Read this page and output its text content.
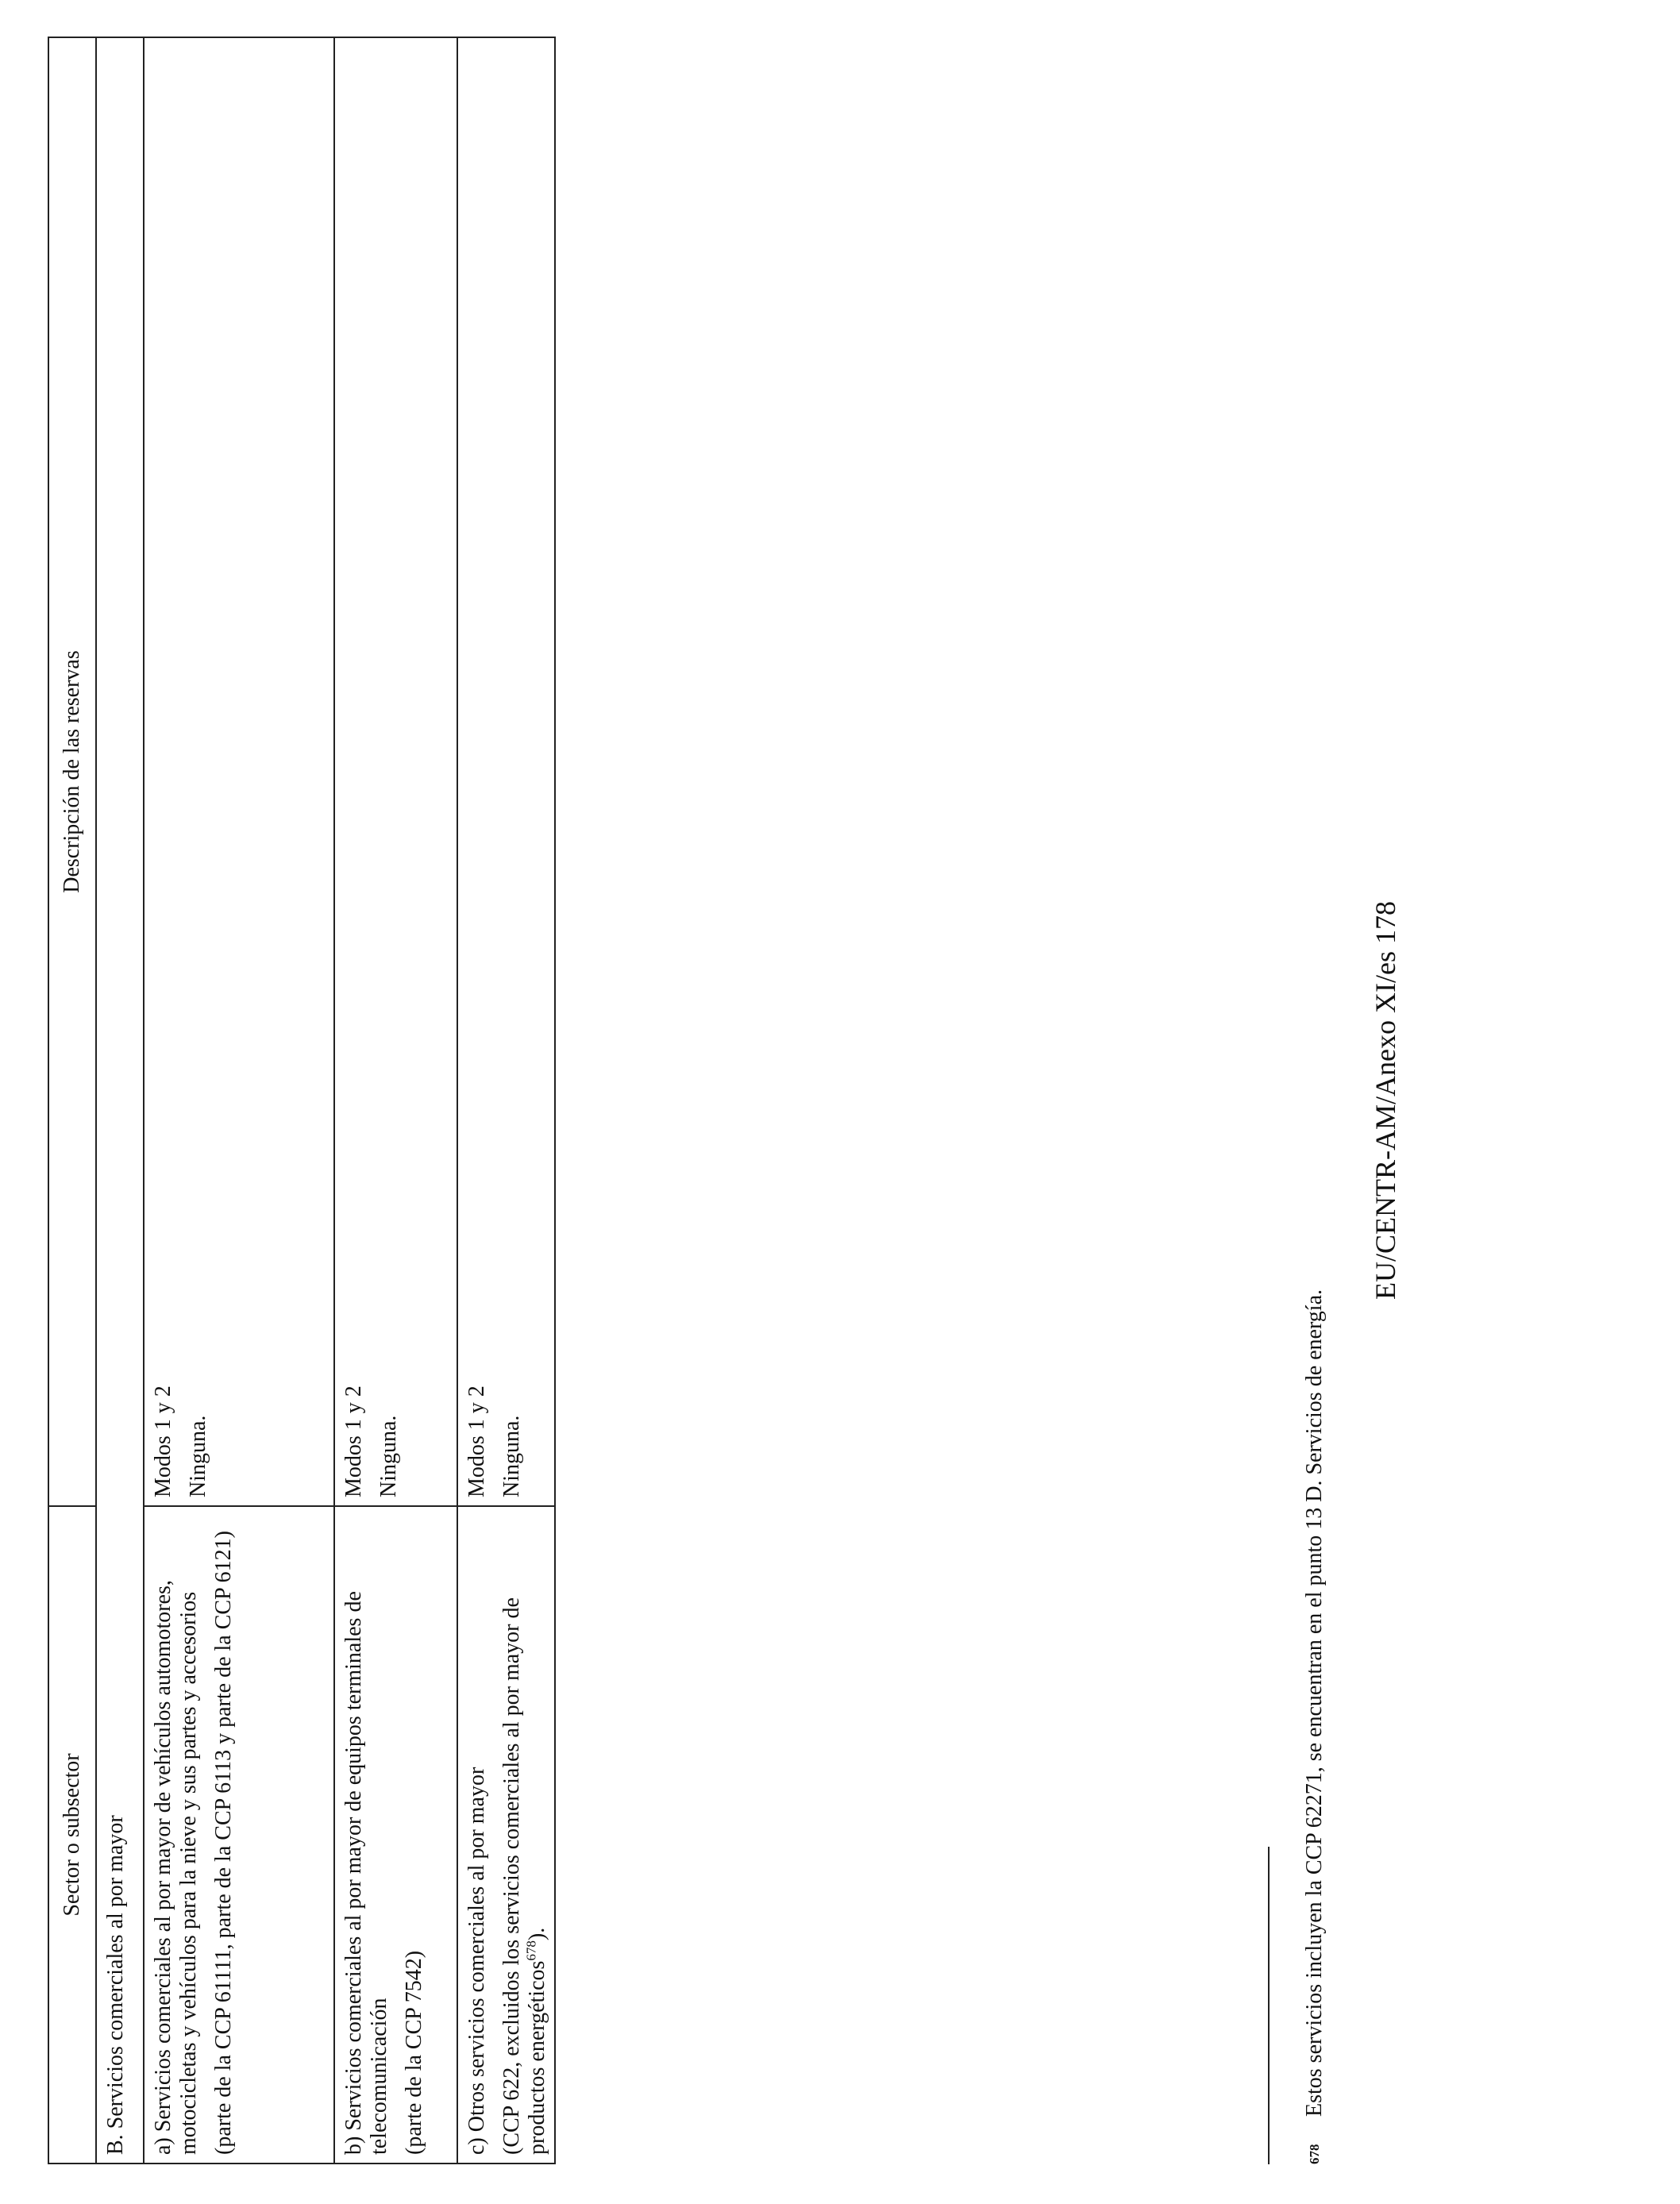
Sector o subsector
Descripción de las reservas

B. Servicios comerciales al por mayor a) Servicios comerciales al por mayor de vehículos automotores, motocicletas y vehículos para la nieve y sus partes y accesorios (parte de la CCP 61111, parte de la CCP 6113 y parte de la CCP 6121)

Modos 1 y 2 Ninguna.

b) Servicios comerciales al por mayor de equipos terminales de telecomunicación (parte de la CCP 7542)

Modos 1 y 2 Ninguna.

c) Otros servicios comerciales al por mayor (CCP 622, excluidos los servicios comerciales al por mayor de productos energéticos$^{678}$).

Modos 1 y 2 Ninguna.

678Estos servicios incluyen la CCP 62271, se encuentran en el punto 13 D. Servicios de energía.
EU/CENTR-AM/Anexo XI/es 178
